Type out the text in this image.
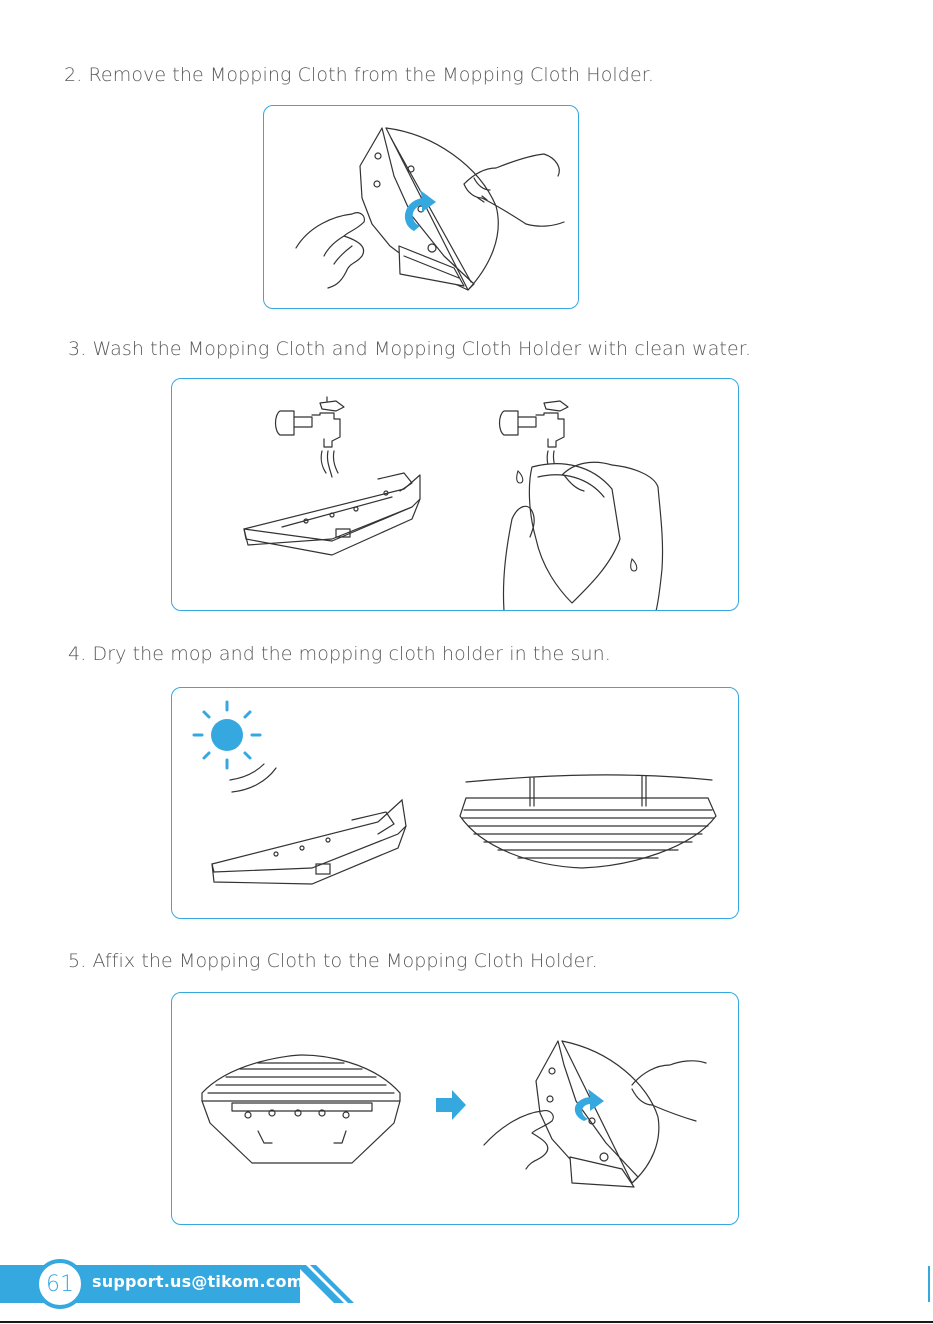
2. Remove the Mopping Cloth from the Mopping Cloth Holder.
3. Wash the Mopping Cloth and Mopping Cloth Holder with clean water.
4. Dry the mop and the mopping cloth holder in the sun.
5. Affix the Mopping Cloth to the Mopping Cloth Holder.
61	support.us@tikom.com
